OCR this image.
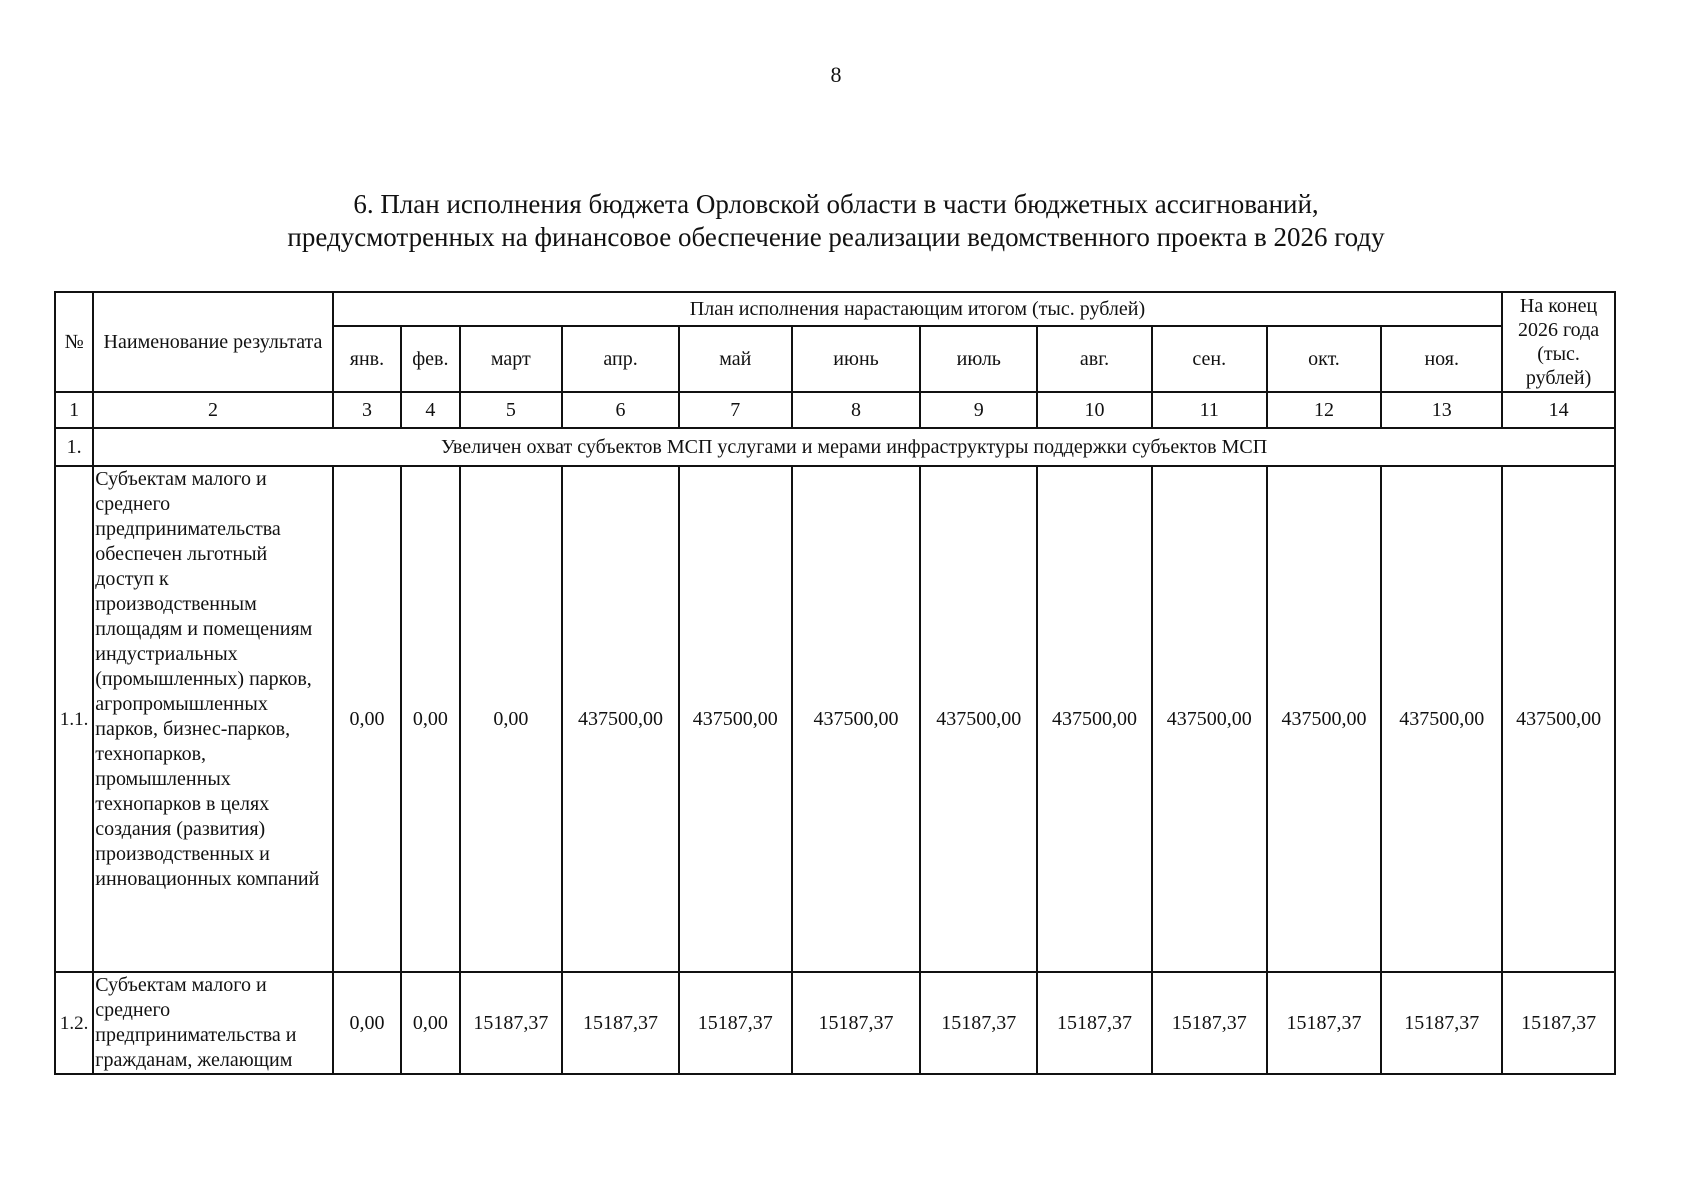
8
6. План исполнения бюджета Орловской области в части бюджетных ассигнований,
предусмотренных на финансовое обеспечение реализации ведомственного проекта в 2026 году
№	Наименование результата	План исполнения нарастающим итогом (тыс. рублей)											На конец 2026 года (тыс. рублей)
		янв.	фев.	март	апр.	май	июнь	июль	авг.	сен.	окт.	ноя.	
1	2	3	4	5	6	7	8	9	10	11	12	13	14
1.	Увеличен охват субъектов МСП услугами и мерами инфраструктуры поддержки субъектов МСП												
1.1.	Субъектам малого и среднего предпринимательства обеспечен льготный доступ к производственным площадям и помещениям индустриальных (промышленных) парков, агропромышленных парков, бизнес-парков, технопарков, промышленных технопарков в целях создания (развития) производственных и инновационных компаний	0,00	0,00	0,00	437500,00	437500,00	437500,00	437500,00	437500,00	437500,00	437500,00	437500,00	437500,00
1.2.	Субъектам малого и среднего предпринимательства и гражданам, желающим	0,00	0,00	15187,37	15187,37	15187,37	15187,37	15187,37	15187,37	15187,37	15187,37	15187,37	15187,37
